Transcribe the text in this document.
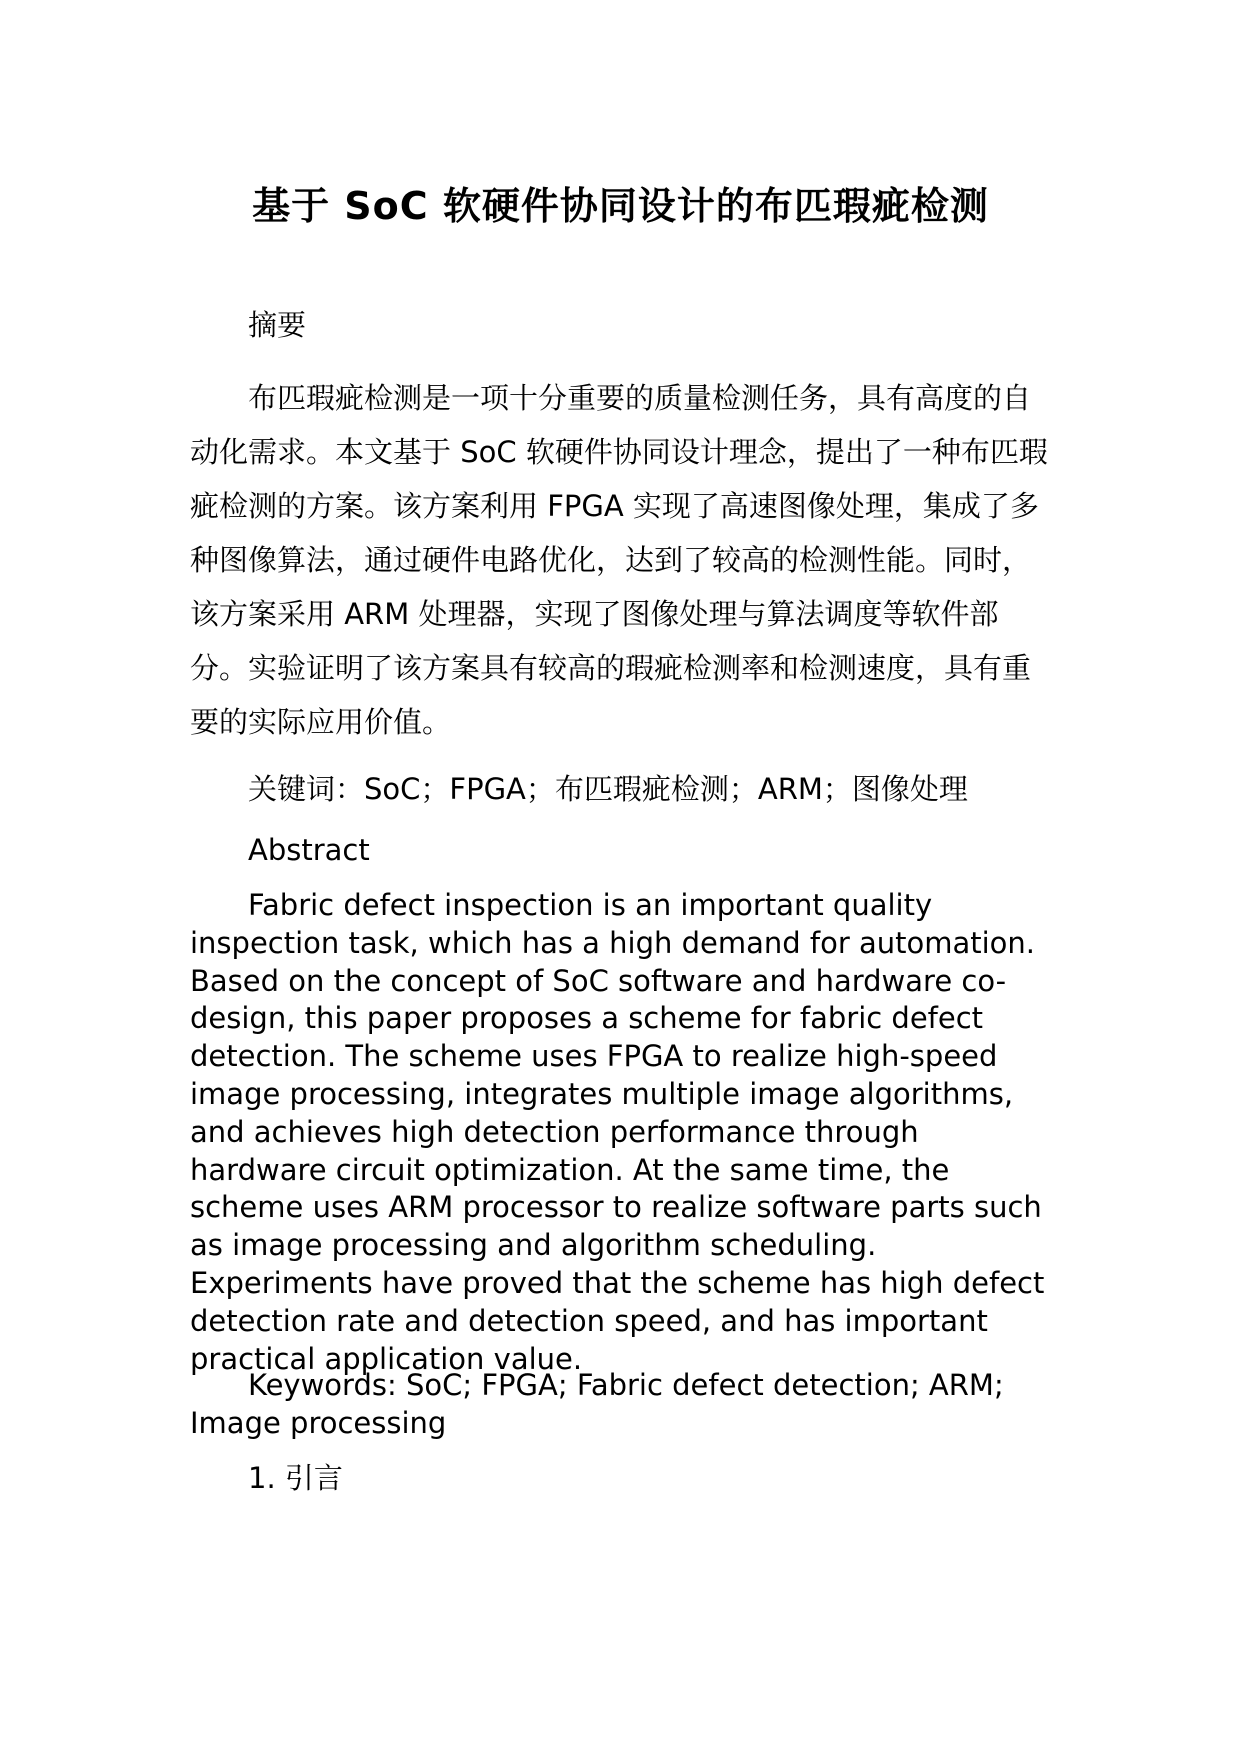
基于 SoC 软硬件协同设计的布匹瑕疵检测
摘要
布匹瑕疵检测是一项十分重要的质量检测任务，具有高度的自动化需求。本文基于 SoC 软硬件协同设计理念，提出了一种布匹瑕疵检测的方案。该方案利用 FPGA 实现了高速图像处理，集成了多种图像算法，通过硬件电路优化，达到了较高的检测性能。同时，该方案采用 ARM 处理器，实现了图像处理与算法调度等软件部分。实验证明了该方案具有较高的瑕疵检测率和检测速度，具有重要的实际应用价值。
关键词：SoC；FPGA；布匹瑕疵检测；ARM；图像处理
Abstract
Fabric defect inspection is an important quality inspection task, which has a high demand for automation. Based on the concept of SoC software and hardware co-design, this paper proposes a scheme for fabric defect detection. The scheme uses FPGA to realize high-speed image processing, integrates multiple image algorithms, and achieves high detection performance through hardware circuit optimization. At the same time, the scheme uses ARM processor to realize software parts such as image processing and algorithm scheduling. Experiments have proved that the scheme has high defect detection rate and detection speed, and has important practical application value.
Keywords: SoC; FPGA; Fabric defect detection; ARM; Image processing
1. 引言
